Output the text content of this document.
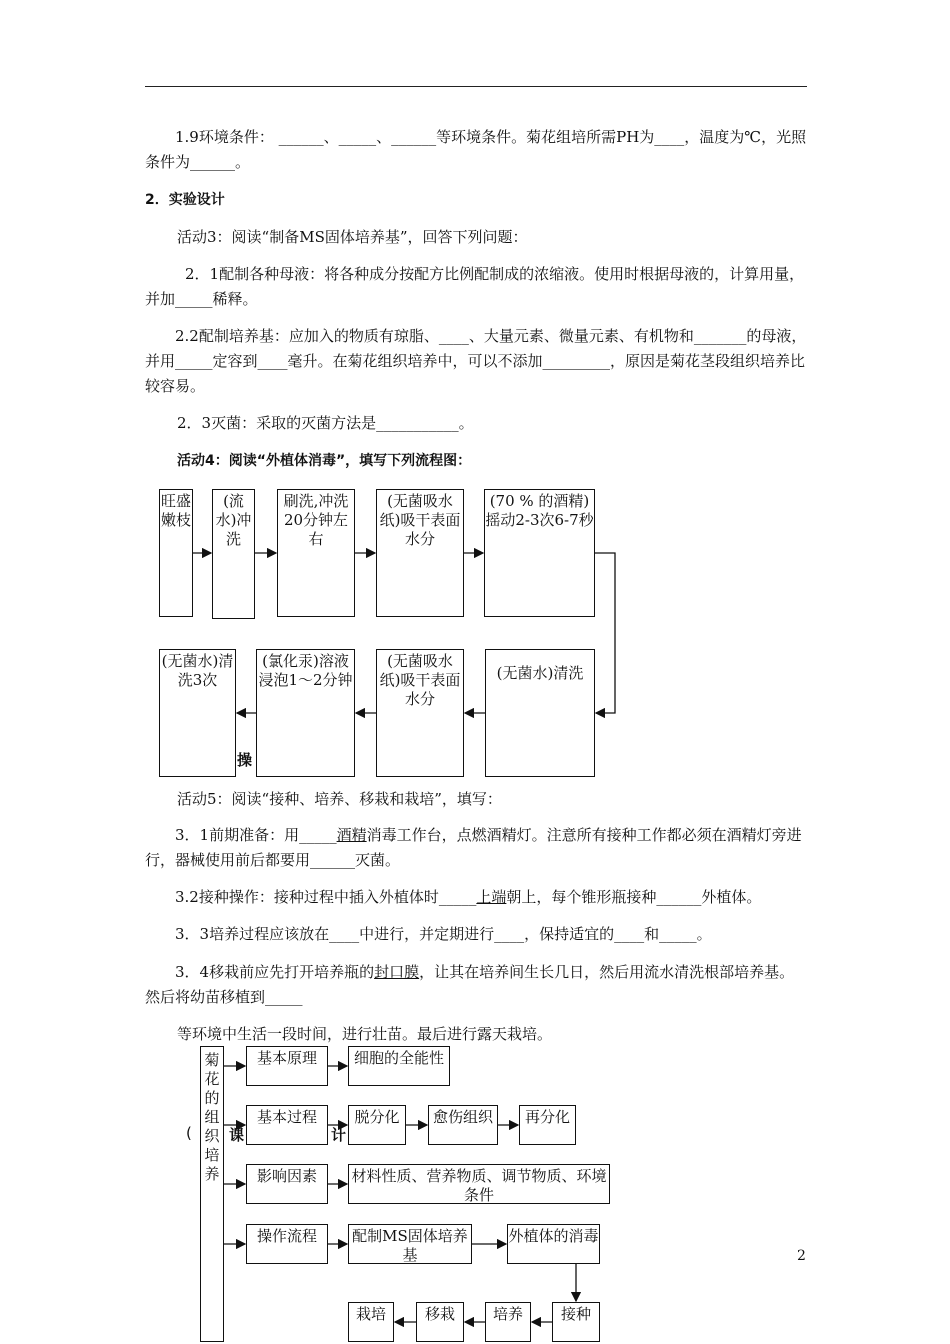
1.9环境条件： ______、_____、______等环境条件。菊花组培所需PH为____，温度为℃，光照条件为______。
2．实验设计
活动3：阅读“制备MS固体培养基”，回答下列问题：
2．1配制各种母液：将各种成分按配方比例配制成的浓缩液。使用时根据母液的，计算用量，并加_____稀释。
2.2配制培养基：应加入的物质有琼脂、____、大量元素、微量元素、有机物和_______的母液，并用_____定容到____毫升。在菊花组织培养中，可以不添加_________，原因是菊花茎段组织培养比较容易。
2．3灭菌：采取的灭菌方法是___________。
活动4：阅读“外植体消毒”，填写下列流程图：
旺盛嫩枝
(流水)冲洗
刷洗,冲洗20分钟左右
(无菌吸水纸)吸干表面水分
(70 % 的酒精)摇动2-3次6-7秒
(无菌水)清洗
(无菌吸水纸)吸干表面水分
(氯化汞)溶液浸泡1～2分钟
(无菌水)清洗3次
操
活动5：阅读“接种、培养、移栽和栽培”，填写：
3．1前期准备：用_____酒精消毒工作台，点燃酒精灯。注意所有接种工作都必须在酒精灯旁进行，器械使用前后都要用______灭菌。
3.2接种操作：接种过程中插入外植体时_____上端朝上，每个锥形瓶接种______外植体。
3．3培养过程应该放在____中进行，并定期进行____，保持适宜的____和_____。
3．4移栽前应先打开培养瓶的封口膜，让其在培养间生长几日，然后用流水清洗根部培养基。然后将幼苗移植到_____
等环境中生活一段时间，进行壮苗。最后进行露天栽培。
菊花的组织培养
基本原理	细胞的全能性
基本过程	脱分化	愈伤组织	再分化
影响因素	材料性质、营养物质、调节物质、环境条件
操作流程	配制MS固体培养基
外植体的消毒
接种
培养
移栽
栽培
( 课	计
2
